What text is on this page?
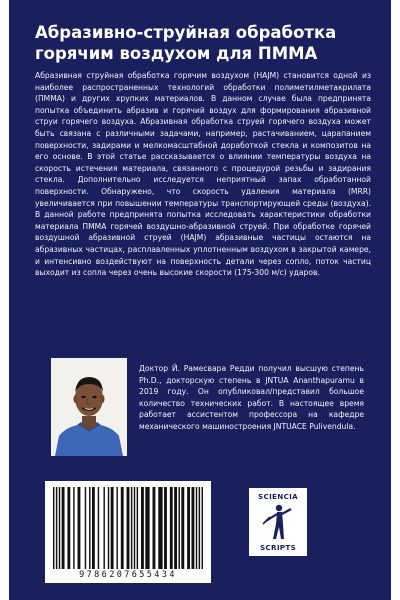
Абразивно-струйная обработка горячим воздухом для ПММА

Абразивная струйная обработка горячим воздухом (HAJM) становится одной из наиболее распространенных технологий обработки полиметилметакрилата (ПММА) и других хрупких материалов. В данном случае была предпринята попытка объединить абразив и горячий воздух для формирования абразивной струи горячего воздуха. Абразивная обработка струей горячего воздуха может быть связана с различными задачами, например, растачиванием, царапанием поверхности, задирами и мелкомасштабной доработкой стекла и композитов на его основе. В этой статье рассказывается о влиянии температуры воздуха на скорость истечения материала, связанного с процедурой резьбы и задирания стекла. Дополнительно исследуется неприятный запах обработанной поверхности. Обнаружено, что скорость удаления материала (MRR) увеличивается при повышении температуры транспортирующей среды (воздуха). В данной работе предпринята попытка исследовать характеристики обработки материала ПММА горячей воздушно-абразивной струей. При обработке горячей воздушной абразивной струей (HAJM) абразивные частицы остаются на абразивных частицах, расплавленных уплотненным воздухом в закрытой камере, и интенсивно воздействуют на поверхность детали через сопло, поток частиц выходит из сопла через очень высокие скорости (175-300 м/с) ударов.

Доктор Й. Рамесвара Редди получил высшую степень Ph.D., докторскую степень в JNTUA Ananthapuramu в 2019 году. Он опубликовал/представил большое количество технических работ. В настоящее время работает ассистентом профессора на кафедре механического машиностроения JNTUACE Pulivendula.

9786207655434
SCIENCIA
SCRIPTS
